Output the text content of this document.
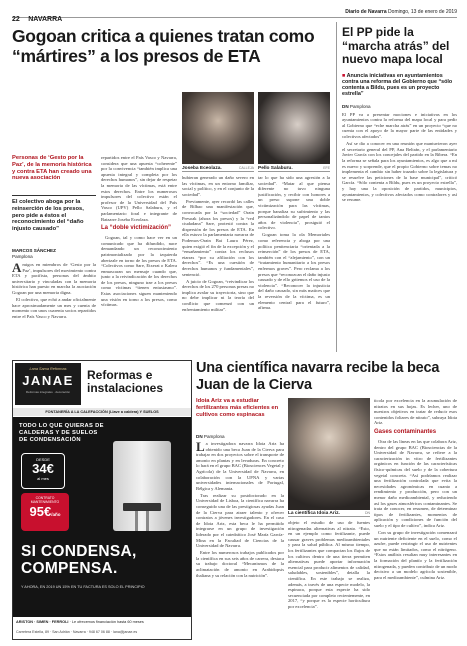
22 NAVARRA
Diario de Navarra Domingo, 13 de enero de 2019
Gogoan critica a quienes tratan como “mártires” a los presos de ETA
Personas de ‘Gesto por la Paz’, de la memoria histórica y contra ETA han creado una nueva asociación
El colectivo aboga por la reinserción de los presos, pero pide a éstos el reconocimiento del “daño injusto causado”
MARCOS SÁNCHEZ
Pamplona

Amigos en miembros de ‘Gesto por la Paz’, impulsores del movimiento contra ETA y pacifista, personas del ámbito universitario y vinculadas con la memoria histórica han puesto en marcha la asociación Gogoan por una memoria digna.

El colectivo, que echó a andar oficialmente hace aproximadamente un mes y cuenta de momento con unos cuarenta socios repartidos entre el País Vasco y Navarra.

repartidos entre el País Vasco y Navarra, considera que una apuesta “coherente” por la convivencia “también implica una apuesta integral y completa por los derechos humanos”, sin dejar de respetar la memoria de las víctimas, está entre estos derechos. Entre los numerosos impulsores del colectivo están el profesor de la Universidad del País Vasco (UPV) Pello Salaburu, y el parlamentario foral e integrante de Batzarre Joseba Eceolaza.

La “doble victimización”

Gogoan, tal y como hace ver en un comunicado que ha difundido, nace demandando un reconocimiento patrimonializado por la izquierda abertzale en torno de los presos de ETA. “Colectivos como Sare, Etxerat o Kalera enmascaran un mensaje cuando que, junto a la reivindicación de los derechos de los presos, ninguno trae a los presos como víctimas “tienen entusiasmo”. Estas asociaciones siguen manteniendo una visión en torno a los presos, como víctimas.

Joseba Eceolaza.	CALLEJA Pello Salaburu.	EFE

hubieran generado un daño severo en las víctimas, en un entorno familiar, social y político, y en el conjunto de la sociedad”.

Previamente, ayer recordó las calles de Bilbao una manifestación que, convocada por la “sociedad” Orain Presoak (ahora los presos) y la “red ciudadana” Sare, protestó contra la dispersión de los presos de ETA. En ella estuvo la parlamentaria navarra de Podemos-Orain Bai Laura Pérez, quien exigió el fin de la excepción y el “ensañamiento” contra los reclusos etarras “por su afiliación con los derechos”. “Es una cuestión de derechos humanos y fundamentales”, sentenció.

A juicio de Gogoan, “reivindicar los derechos de los 270 personas presas no implica avalar su trayectoria, sino que no debe implicar ni la teoría del conflicto que comenzó con un enfrentamiento militar”.

tar lo que ha sido una agresión a la sociedad”. “Matar al que piensa diferente no tuvo ninguna justificación, y recibir con honores a un preso supone una doble victimización para las víctimas, porque banaliza su sufrimiento y las personalizándolo de papel de tantos años de violencia”, prosiguió el colectivo.

Gogoan toma la ola Memoriales como referencia y aboga por una política penitenciaria “orientada a la reinserción” de los presos de ETA, también con el “alejamiento”, con un “tratamiento humanitario a los presos enfermos graves”. Pero reclama a los presos que “reconozcan el daño injusto causado y de ello gritemos el uso de la violencia”. “Reconocer la injusticia del daño causado, sin más matices que la reversión de la víctima, es un elemento central para el futuro”, afirma.

El PP pide la “marcha atrás” del nuevo mapa local
■ Anuncia iniciativas en ayuntamientos contra una reforma del Gobierno que “sólo contenta a Bildu, pues es un proyecto estrella”
DN Pamplona

El PP va a presentar mociones e iniciativas en los ayuntamientos contra la reforma del mapa local y para pedir al Gobierno que “eche marcha atrás” en un proyecto “que no cuenta con el apoyo de la mayor parte de las entidades y colectivos afectados”.

Así se dio a conocer en una reunión que mantuvieron ayer el secretario general del PP, Ana Beltrán, y el parlamentario Javier García con los concejales del partido en la Ribera. “En la reforma se señala para los ayuntamientos, es algo que a mí es nuevo y sorprende, que el propio Gobierno sobre temas no implementa el cambio sin haber trazado sobre la legislatura y se resuelve las peticiones de la base municipal”, criticó García. “Sólo contenta a Bildu, pues es un proyecto estrella”, y hay una la oposición de partidos, municipios, ayuntamientos, y colectivos afectados como contralores y así se resume.

Lana Sama Reformas
JANAE
Reformas integrales · decoración
Reformas e
instalaciones
FONTANERÍA A LA CALEFACCIÓN (Llave a caldera) Y SUELOS
TODO LO QUE QUIERAS DE
CALDERAS Y DE SUELOS
DE CONDENSACIÓN
DESDE
34€
al mes
CONTRATO MANTENIMIENTO
95€/año
SI CONDENSA,
COMPENSA.
Y AHORA, EN 2019 UN 15% EN TU FACTURA ES SOLO EL PRINCIPIO
ARISTON · SIMEN · FERROLI · Le ofrecemos financiación hasta 60 meses
Carretera Estella, 89 · San Adrián · Navarra · 948 67 06 88 · lana@janae.es
Una científica navarra recibe la beca Juan de la Cierva
Idoia Ariz va a estudiar fertilizantes más eficientes en cultivos como espinacas
DN Pamplona

La investigadora navarra Idoia Ariz ha obtenido una beca Juan de la Cierva para trabajar en dos proyectos sobre el transporte de amonio en plantas y en levaduras. En concreto lo hará en el grupo BAC (Biosciences Vegetal y Agrícola) de la Universidad de Navarra, en colaboración con la UPNA y varias universidades internacionales de Portugal, Bélgica y Alemania.

Tras realizar su postdoctorado en la Universidad de Lisboa, la científica navarra ha conseguido una de las prestigiosas ayudas Juan de la Cierva para atraer talento y ofrecer contratos a jóvenes investigadores. En el caso de Idoia Ariz, esta beca le ha permitido integrarse en un grupo de investigación liderado por el catedrático José María García-Mina en la Facultad de Ciencias de la Universidad de Navarra.

Entre los numerosos trabajos publicados por la científica en sus seis años de carrera, destaca su trabajo doctoral “Mecanismos de la aclimatación de amonio en Arabidopsis thaliana y su relación con la nutrición”.

La científica Idoia Ariz.	DN

objeto el estudio de uso de fuentes nitrogenadas alternativas al nitrato. “Esto, en un ejemplo como fertilizante, puede causar graves problemas medioambientales y para la salud pública. Al mismo tiempo, los fertilizantes que compactan los flujos de los cultivos dentro de una tierra permiten alternativas puede aportar información esencial para producir alimentos de calidad, saludables, sostenibles”, detalla la científica. En este trabajo se realiza, además, a través de una especie modelo, la espinaca, porque esta especie ha sido secuenciada por completo recientemente, en 2017, “y porque es la especie horticultura por excelencia”.

ticola por excelencia en la acumulación de nitratos en sus hojas. Es lecher, uno de nuestros objetivos en tratar de reducir esos contenidos foliares de nitrato”, subraya Idoia Ariz.

Gases contaminantes

Otra de las líneas en las que colabora Ariz, dentro del grupo BAC (Biosciencias de la Universidad de Navarra, se refiere a la caracterización in vitro de fertilizantes orgánicos en función de las características físico-químicas del suelo y de la cobertura vegetal concreta. “Así podríamos realizar una fertilización controlada que evita la necesidades agronómicas en cuanto a rendimiento y producción, pero con un menor daño medioambiental, y reduciendo así los gases atmosféricos contaminantes. Se trata de conocer, en resumen, de determinar tipos de fertilizantes, momentos de aplicación y condiciones de función del suelo y el tipo de cultivo”, indica Ariz.

Con su grupo de investigación comenzará un nutriente deficiente en el suelo, como el azufre, puede restringir el uso de nutrientes que no están limitados, como el nitrógeno. “Estos análisis resultan muy interesantes en la formación del plantío y la fertilización nitrogenada, y pueden contribuir de un modo decisivo a un modelo agrícola sostenible, para el medioambiente”, culmina Ariz.
